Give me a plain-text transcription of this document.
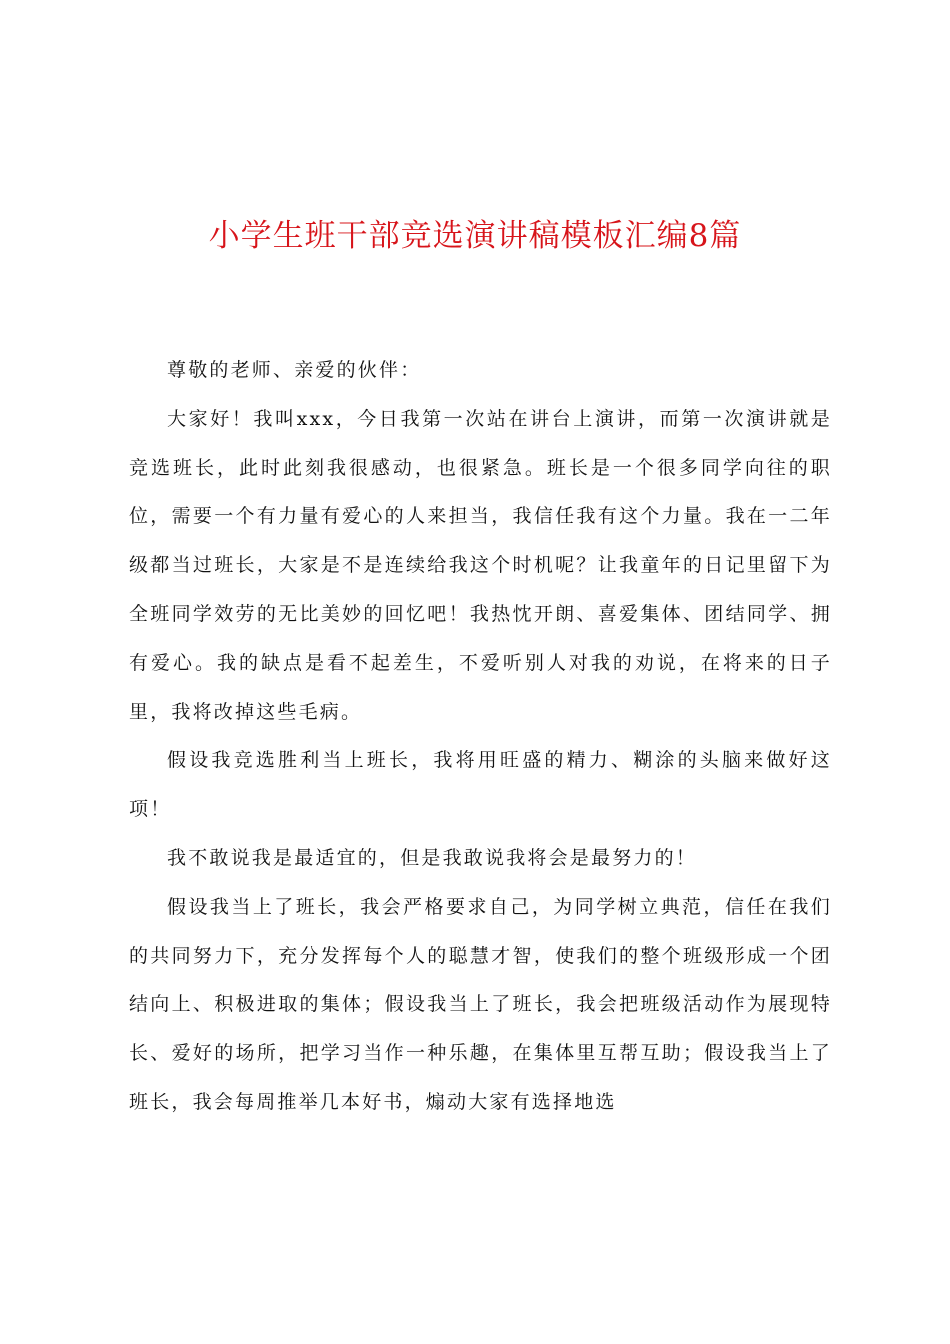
小学生班干部竞选演讲稿模板汇编8篇

尊敬的老师、亲爱的伙伴：

大家好！我叫xxx，今日我第一次站在讲台上演讲，而第一次演讲就是竞选班长，此时此刻我很感动，也很紧急。班长是一个很多同学向往的职位，需要一个有力量有爱心的人来担当，我信任我有这个力量。我在一二年级都当过班长，大家是不是连续给我这个时机呢？让我童年的日记里留下为全班同学效劳的无比美妙的回忆吧！我热忱开朗、喜爱集体、团结同学、拥有爱心。我的缺点是看不起差生，不爱听别人对我的劝说，在将来的日子里，我将改掉这些毛病。

假设我竞选胜利当上班长，我将用旺盛的精力、糊涂的头脑来做好这项！

我不敢说我是最适宜的，但是我敢说我将会是最努力的！

假设我当上了班长，我会严格要求自己，为同学树立典范，信任在我们的共同努力下，充分发挥每个人的聪慧才智，使我们的整个班级形成一个团结向上、积极进取的集体；假设我当上了班长，我会把班级活动作为展现特长、爱好的场所，把学习当作一种乐趣，在集体里互帮互助；假设我当上了班长，我会每周推举几本好书，煽动大家有选择地选
